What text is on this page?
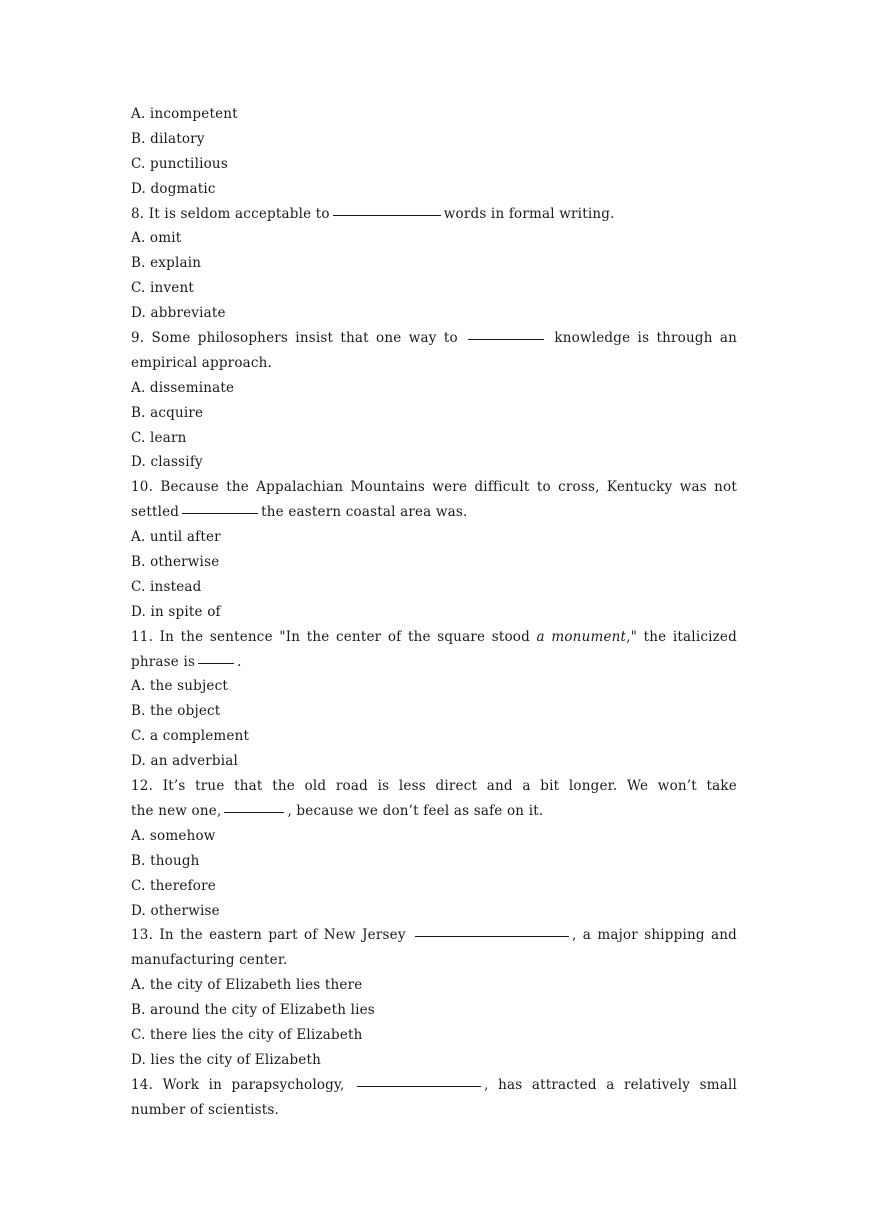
A. incompetent
B. dilatory
C. punctilious
D. dogmatic
8. It is seldom acceptable to	words in formal writing.
A. omit
B. explain
C. invent
D. abbreviate
9. Some philosophers insist that one way to	knowledge is through an
empirical approach.
A. disseminate
B. acquire
C. learn
D. classify
10. Because the Appalachian Mountains were difficult to cross, Kentucky was not
settled	the eastern coastal area was.
A. until after
B. otherwise
C. instead
D. in spite of
11. In the sentence "In the center of the square stood a monument," the italicized
phrase is	.
A. the subject
B. the object
C. a complement
D. an adverbial
12. It’s true that the old road is less direct and a bit longer. We won’t take
the new one,	, because we don’t feel as safe on it.
A. somehow
B. though
C. therefore
D. otherwise
13. In the eastern part of New Jersey	, a major shipping and
manufacturing center.
A. the city of Elizabeth lies there
B. around the city of Elizabeth lies
C. there lies the city of Elizabeth
D. lies the city of Elizabeth
14. Work in parapsychology,	, has attracted a relatively small
number of scientists.
